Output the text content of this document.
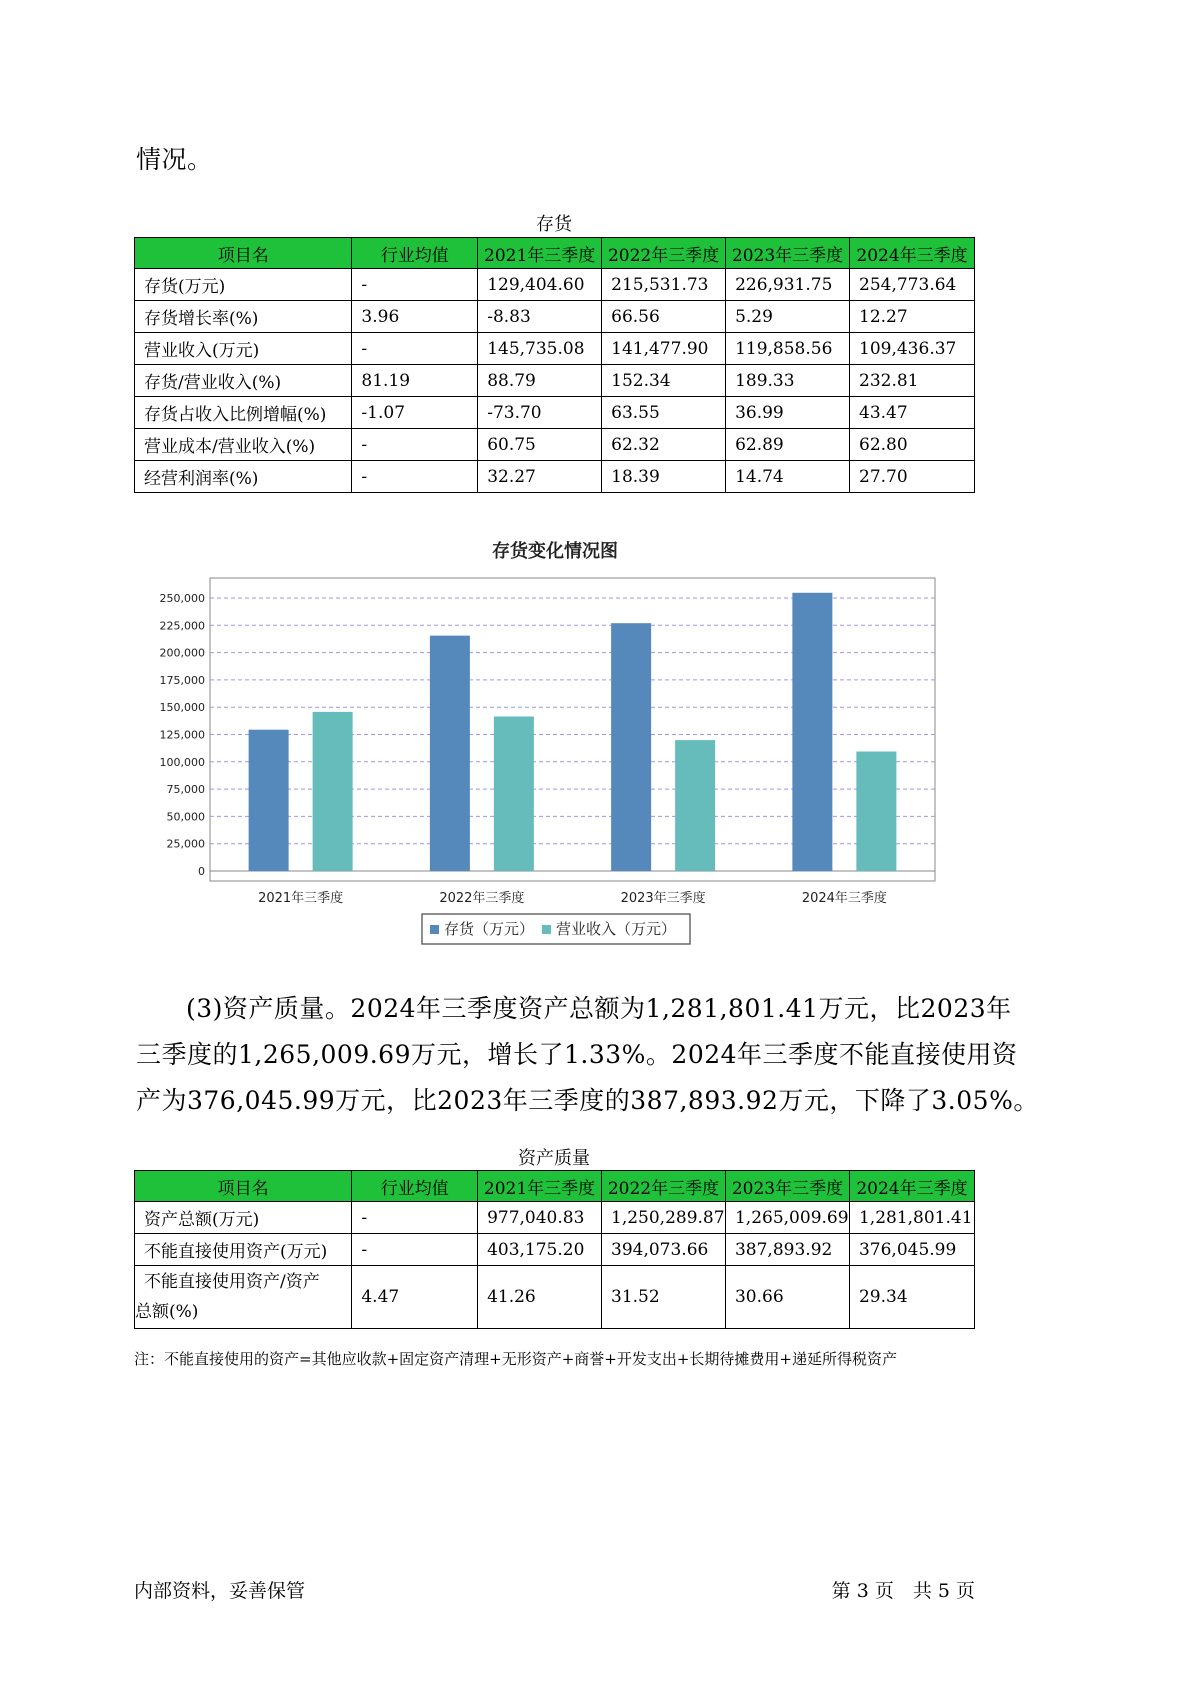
情况。
存货
项目名	行业均值	2021年三季度	2022年三季度	2023年三季度	2024年三季度
存货(万元)	-	129,404.60	215,531.73	226,931.75	254,773.64
存货增长率(%)	3.96	-8.83	66.56	5.29	12.27
营业收入(万元)	-	145,735.08	141,477.90	119,858.56	109,436.37
存货/营业收入(%)	81.19	88.79	152.34	189.33	232.81
存货占收入比例增幅(%)	-1.07	-73.70	63.55	36.99	43.47
营业成本/营业收入(%)	-	60.75	62.32	62.89	62.80
经营利润率(%)	-	32.27	18.39	14.74	27.70
存货变化情况图
0
25,000
50,000
75,000
100,000
125,000
150,000
175,000
200,000
225,000
250,000
2021年三季度	2022年三季度	2023年三季度	2024年三季度
存货（万元） 营业收入（万元）
(3)资产质量。2024年三季度资产总额为1,281,801.41万元，比2023年
三季度的1,265,009.69万元，增长了1.33%。2024年三季度不能直接使用资
产为376,045.99万元，比2023年三季度的387,893.92万元，下降了3.05%。
资产质量
项目名	行业均值	2021年三季度	2022年三季度	2023年三季度	2024年三季度
资产总额(万元)	-	977,040.83	1,250,289.87	1,265,009.69	1,281,801.41
不能直接使用资产(万元)	-	403,175.20	394,073.66	387,893.92	376,045.99

不能直接使用资产/资产
总额(%)	4.47	41.26	31.52	30.66	29.34
注：不能直接使用的资产=其他应收款+固定资产清理+无形资产+商誉+开发支出+长期待摊费用+递延所得税资产
内部资料，妥善保管	第 3 页　共 5 页
